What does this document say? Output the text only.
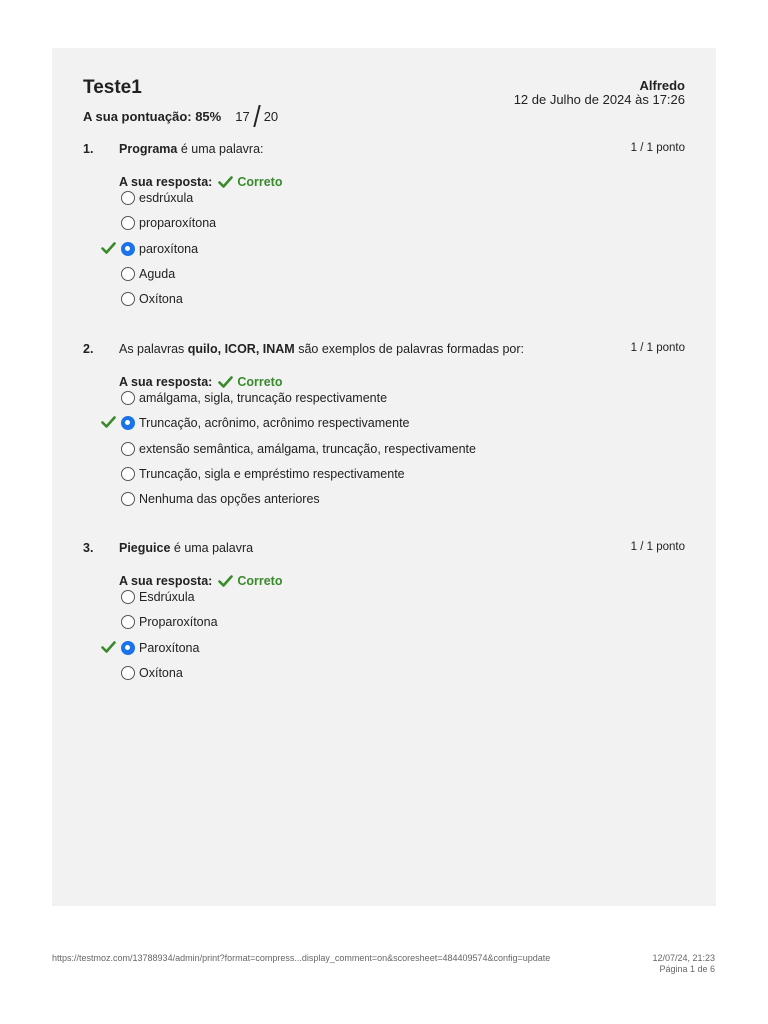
Teste1
A sua pontuação: 85% 17 20
Alfredo
12 de Julho de 2024 às 17:26
1. Programa é uma palavra:	1 / 1 ponto
A sua resposta: Correto
esdrúxula
proparoxítona
paroxítona
Aguda
Oxítona
2. As palavras quilo, ICOR, INAM são exemplos de palavras formadas por:	1 / 1 ponto
A sua resposta: Correto
amálgama, sigla, truncação respectivamente
Truncação, acrônimo, acrônimo respectivamente
extensão semântica, amálgama, truncação, respectivamente
Truncação, sigla e empréstimo respectivamente
Nenhuma das opções anteriores
3. Pieguice é uma palavra	1 / 1 ponto
A sua resposta: Correto
Esdrúxula
Proparoxítona
Paroxítona
Oxítona
https://testmoz.com/13788934/admin/print?format=compress...display_comment=on&scoresheet=484409574&config=update	12/07/24, 21:23
Página 1 de 6
